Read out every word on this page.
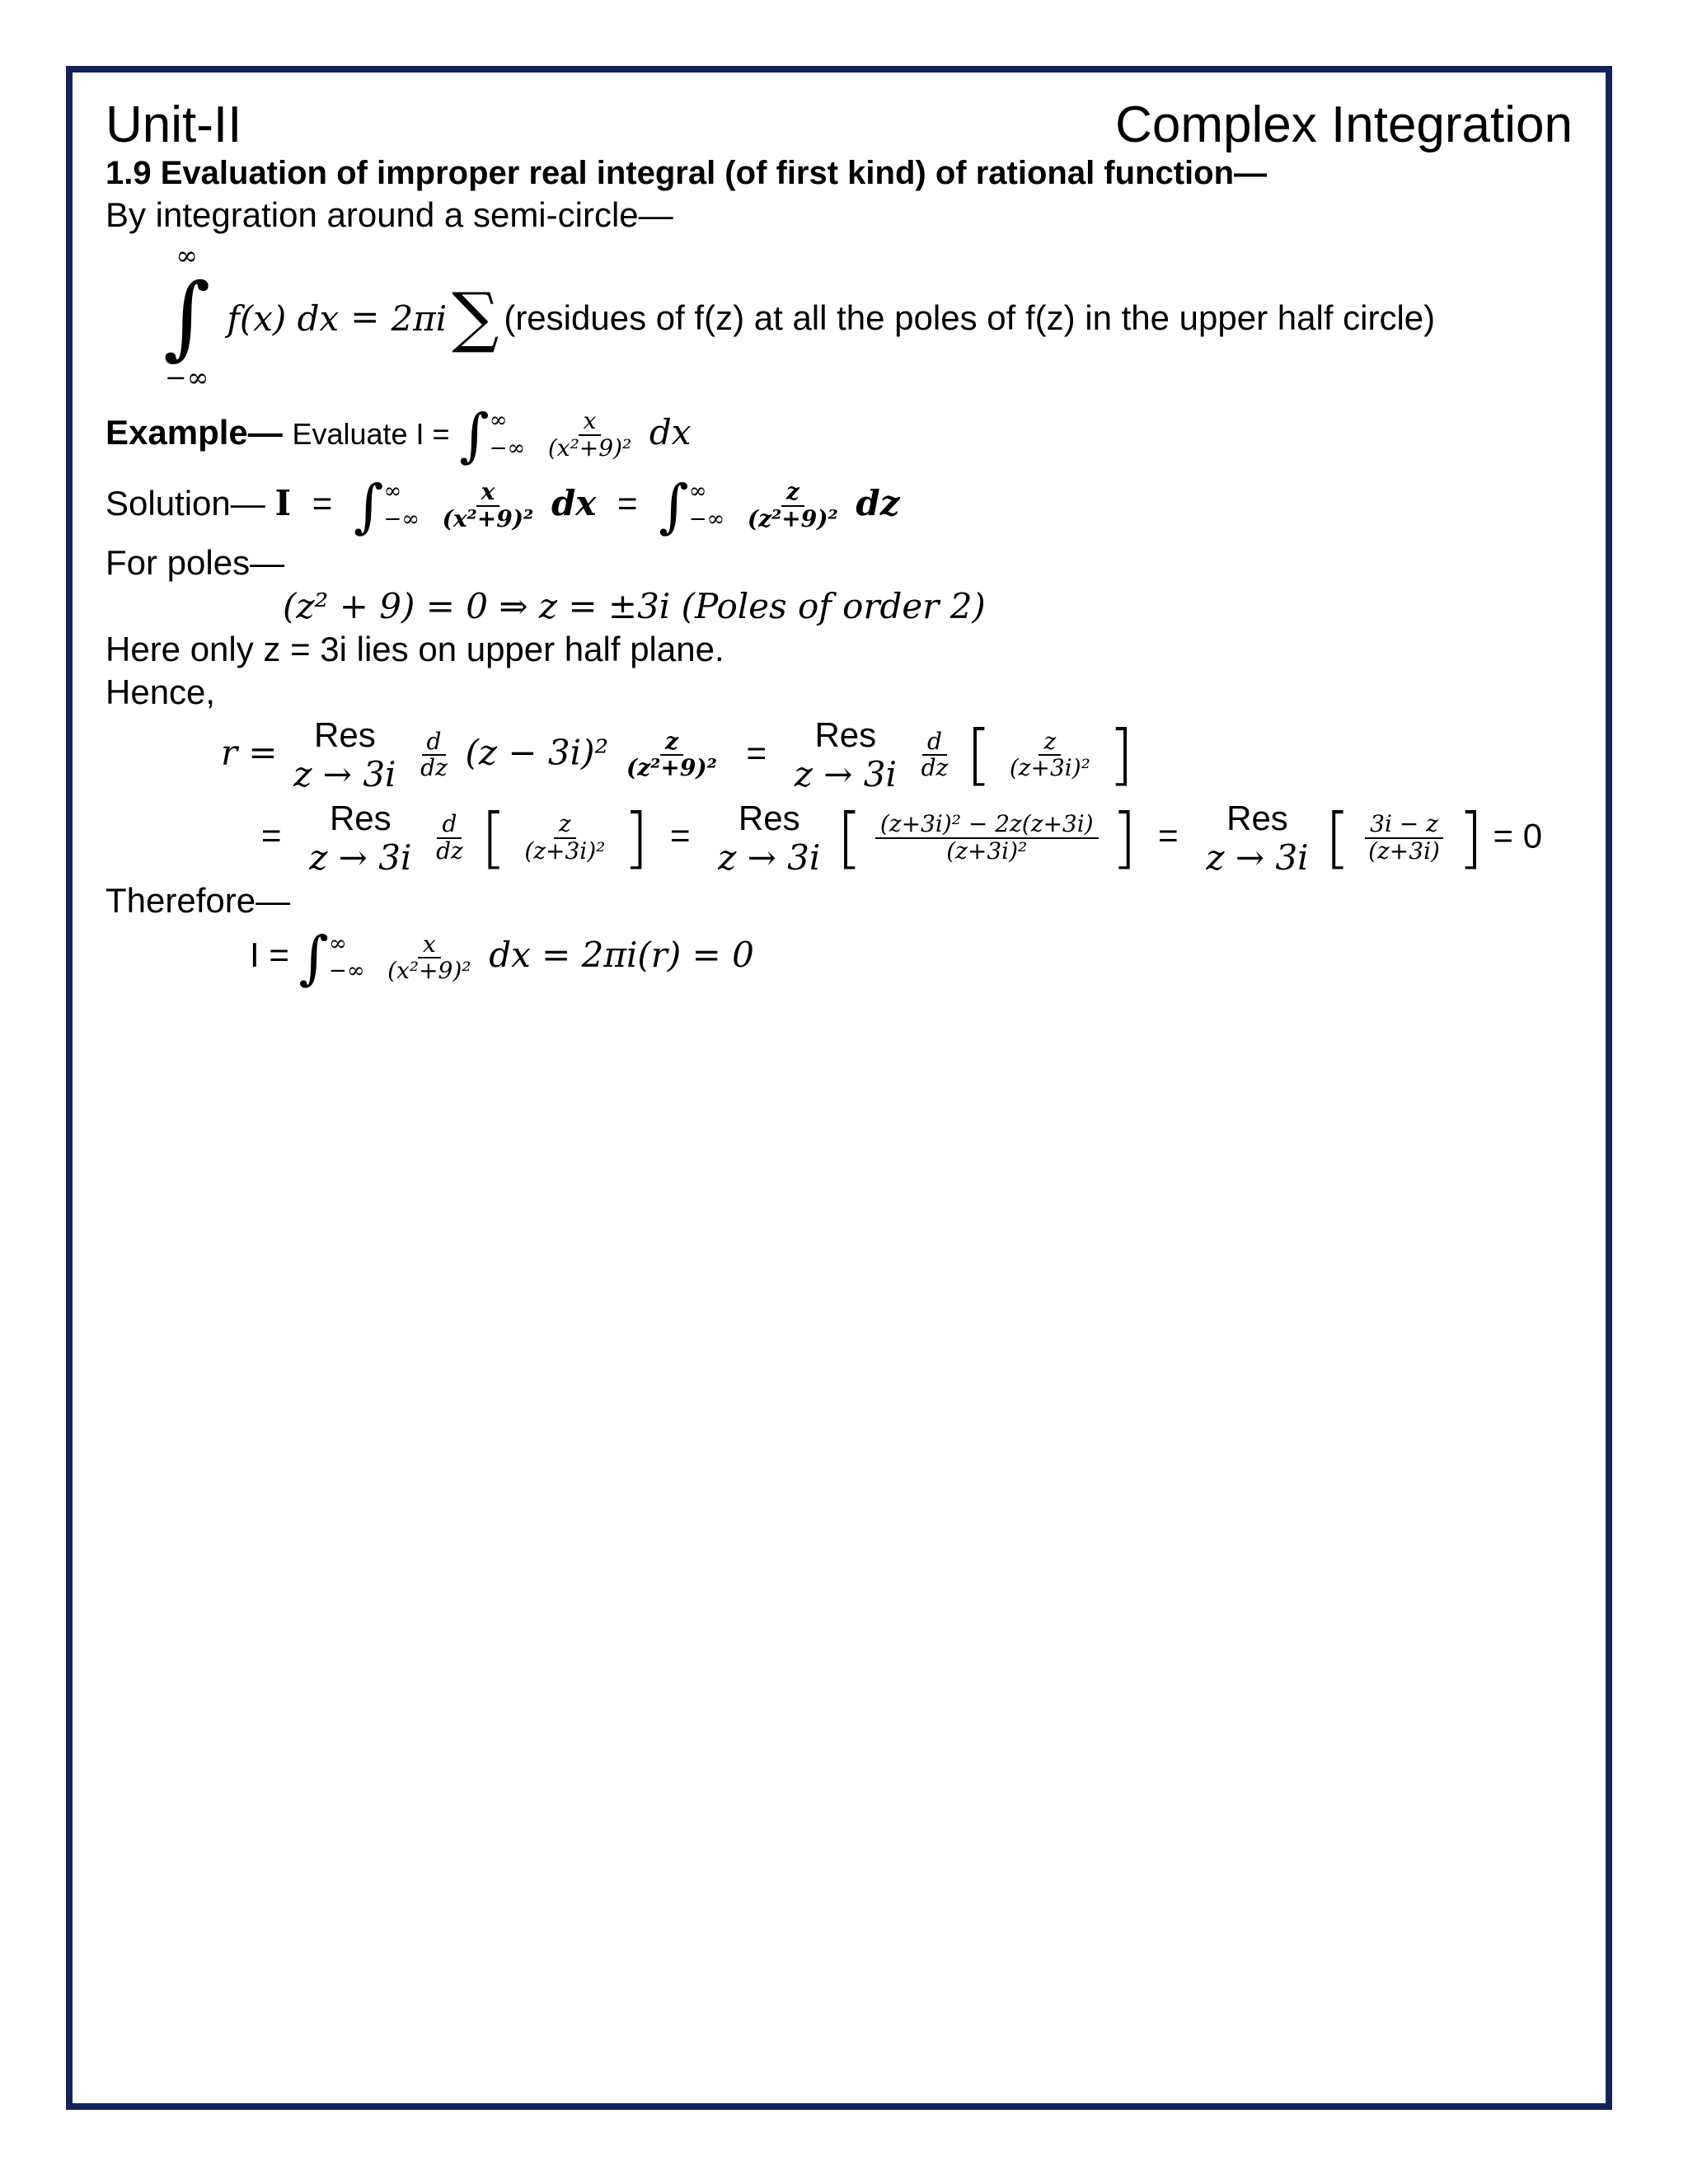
Unit-II	Complex Integration
1.9 Evaluation of improper real integral (of first kind) of rational function—
By integration around a semi-circle—
∞
∫
−∞
f(x) dx = 2πi ∑ (residues of f(z) at all the poles of f(z) in the upper half circle)
Example— Evaluate I = ∫ ∞
−∞
$\frac{x}{\text{(x²+9)²}}$ dx
Solution— I = ∫ ∞
−∞
$\frac{x}{\text{(x²+9)²}}$ dx = ∫ ∞
−∞
$\frac{z}{\text{(z²+9)²}}$ dz
For poles—
(z² + 9) = 0 ⇒ z = ±3i (Poles of order 2)
Here only z = 3i lies on upper half plane.
Hence,
r = Res
z → 3i
$\frac{d}{dz} (z - 3i)^2 \frac{z}{\text{(z²+9)²}}$ = Res
z → 3i
$\frac{d}{dz}$ [ $\frac{z}{\text{(z+3i)²}}$ ]
= Res
z → 3i
$\frac{d}{dz}$ [ $\frac{z}{\text{(z+3i)²}}$ ] = Res
z → 3i [ $\frac{\text{(z+3i)² − 2z(z+3i)}}{\text{(z+3i)²}}$ ] = Res
z → 3i [ $\frac{3i - z}{(z+3i)}$ ] = 0
Therefore—
I = ∫ ∞
−∞
$\frac{x}{\text{(x²+9)²}}$ dx = 2πi(r) = 0
